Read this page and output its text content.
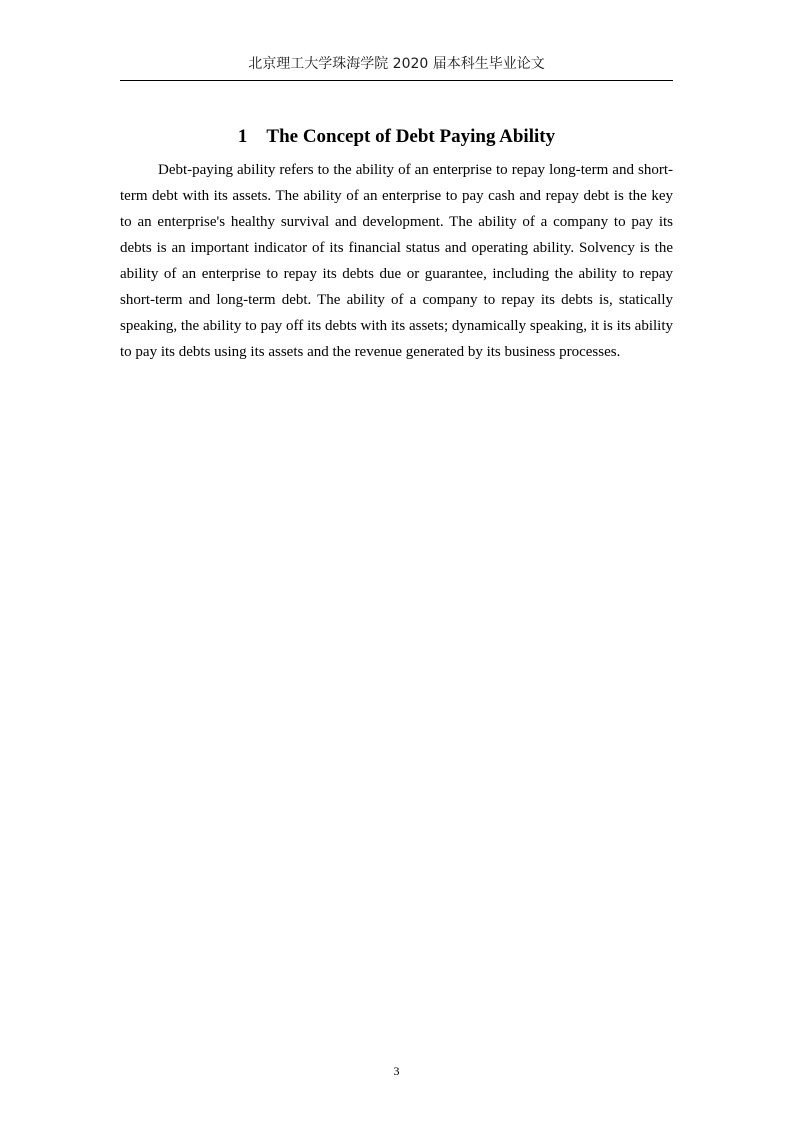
北京理工大学珠海学院 2020 届本科生毕业论文
1 The Concept of Debt Paying Ability

Debt-paying ability refers to the ability of an enterprise to repay long-term and short-term debt with its assets. The ability of an enterprise to pay cash and repay debt is the key to an enterprise's healthy survival and development. The ability of a company to pay its debts is an important indicator of its financial status and operating ability. Solvency is the ability of an enterprise to repay its debts due or guarantee, including the ability to repay short-term and long-term debt. The ability of a company to repay its debts is, statically speaking, the ability to pay off its debts with its assets; dynamically speaking, it is its ability to pay its debts using its assets and the revenue generated by its business processes.

3
